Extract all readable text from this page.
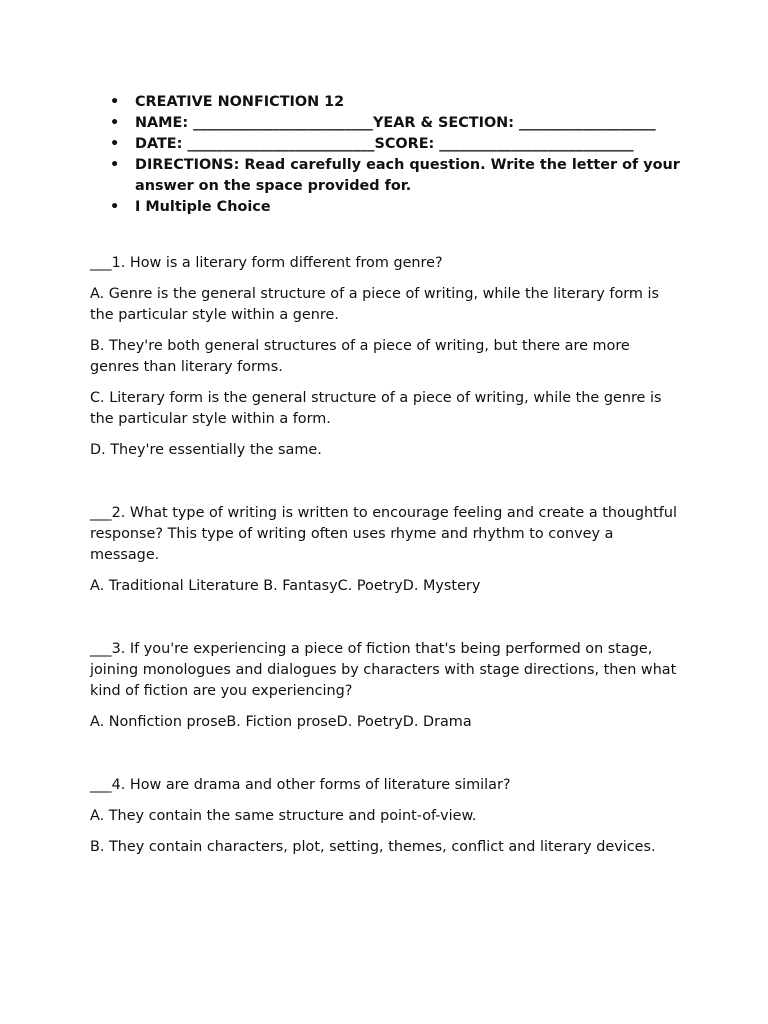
• CREATIVE NONFICTION 12
• NAME: _________________________YEAR & SECTION: ___________________
• DATE: __________________________SCORE: ___________________________
• DIRECTIONS: Read carefully each question. Write the letter of your answer on the space provided for.
• I Multiple Choice

___1. How is a literary form different from genre?

A. Genre is the general structure of a piece of writing, while the literary form is the particular style within a genre.

B. They're both general structures of a piece of writing, but there are more genres than literary forms.

C. Literary form is the general structure of a piece of writing, while the genre is the particular style within a form.

D. They're essentially the same.

___2. What type of writing is written to encourage feeling and create a thoughtful response? This type of writing often uses rhyme and rhythm to convey a message.

A. Traditional Literature B. FantasyC. PoetryD. Mystery

___3. If you're experiencing a piece of fiction that's being performed on stage, joining monologues and dialogues by characters with stage directions, then what kind of fiction are you experiencing?

A. Nonfiction proseB. Fiction proseD. PoetryD. Drama

___4. How are drama and other forms of literature similar?

A. They contain the same structure and point-of-view.

B. They contain characters, plot, setting, themes, conflict and literary devices.
